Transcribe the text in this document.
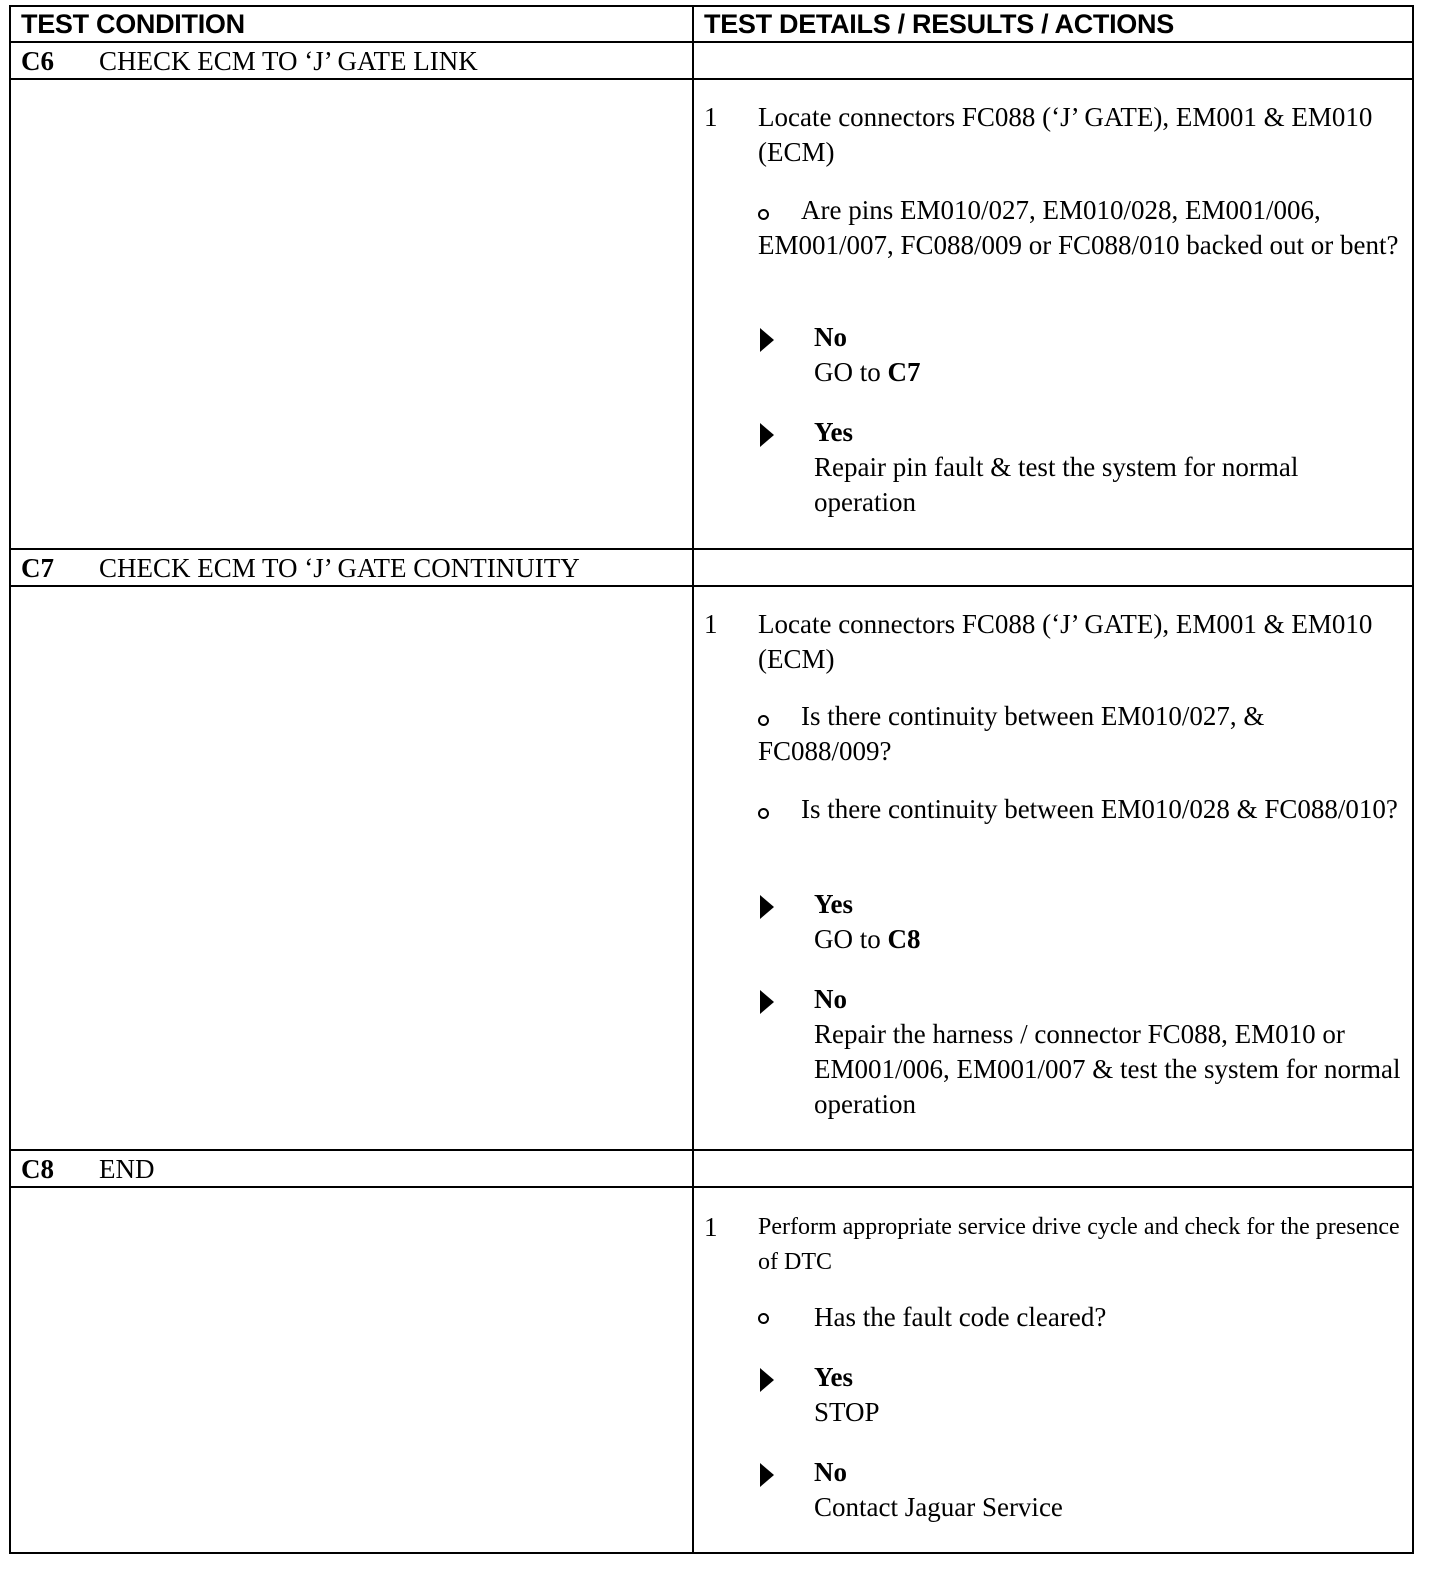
TEST CONDITION	TEST DETAILS / RESULTS / ACTIONS
C6 CHECK ECM TO ‘J’ GATE LINK
1 Locate connectors FC088 (‘J’ GATE), EM001 & EM010 (ECM)
Are pins EM010/027, EM010/028, EM001/006, EM001/007, FC088/009 or FC088/010 backed out or bent?
No
GO to C7
Yes
Repair pin fault & test the system for normal operation
C7 CHECK ECM TO ‘J’ GATE CONTINUITY
1 Locate connectors FC088 (‘J’ GATE), EM001 & EM010 (ECM)
Is there continuity between EM010/027, & FC088/009?
Is there continuity between EM010/028 & FC088/010?
Yes
GO to C8
No
Repair the harness / connector FC088, EM010 or EM001/006, EM001/007 & test the system for normal operation
C8 END
1 Perform appropriate service drive cycle and check for the presence of DTC
Has the fault code cleared?
Yes
STOP
No
Contact Jaguar Service
